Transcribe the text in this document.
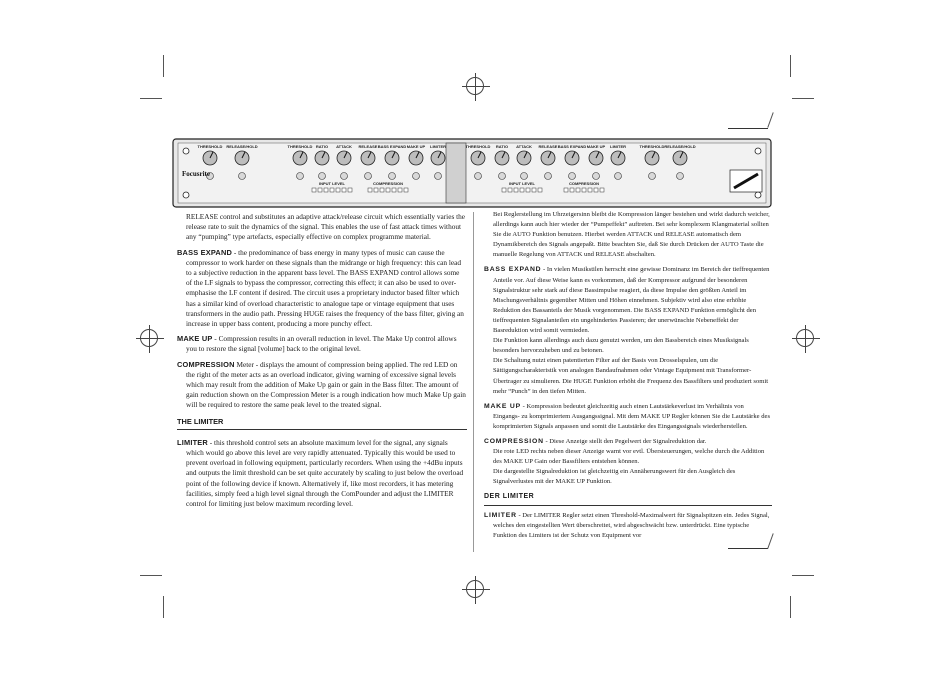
THRESHOLD RELEASE/HOLD	THRESHOLD RATIO ATTACK RELEASE BASS EXPAND MAKE UP LIMITER	THRESHOLD RATIO ATTACK RELEASE BASS EXPAND MAKE UP LIMITER	THRESHOLD RELEASE/HOLD
INPUT LEVEL	COMPRESSION	INPUT LEVEL	COMPRESSION
Focusrite

RELEASE control and substitutes an adaptive attack/release circuit which essentially varies the release rate to suit the dynamics of the signal. This enables the use of fast attack times without any “pumping” type artefacts, especially effective on complex programme material.

BASS EXPAND - the predominance of bass energy in many types of music can cause the compressor to work harder on these signals than the midrange or high frequency: this can lead to a subjective reduction in the apparent bass level. The BASS EXPAND control allows some of the LF signals to bypass the compressor, correcting this effect; it can also be used to over-emphasise the LF content if desired. The circuit uses a proprietary inductor based filter which has a similar kind of overload characteristic to analogue tape or vintage equipment that uses transformers in the audio path. Pressing HUGE raises the frequency of the bass filter, giving an increase in upper bass content, producing a more punchy effect.

MAKE UP - Compression results in an overall reduction in level. The Make Up control allows you to restore the signal [volume] back to the original level.

COMPRESSION Meter - displays the amount of compression being applied. The red LED on the right of the meter acts as an overload indicator, giving warning of excessive signal levels which may result from the addition of Make Up gain or gain in the Bass filter. The amount of gain reduction shown on the Compression Meter is a rough indication how much Make Up gain will be required to restore the same peak level to the treated signal.

THE LIMITER

LIMITER - this threshold control sets an absolute maximum level for the signal, any signals which would go above this level are very rapidly attenuated. Typically this would be used to prevent overload in following equipment, particularly recorders. When using the +4dBu inputs and outputs the limit threshold can be set quite accurately by scaling to just below the overload point of the following device if known. Alternatively if, like most recorders, it has metering facilities, simply feed a high level signal through the ComPounder and adjust the LIMITER control for limiting just below maximum recording level.

Bei Reglerstellung im Uhrzeigersinn bleibt die Kompression länger bestehen und wirkt dadurch weicher, allerdings kann auch hier wieder der “Pumpeffekt” auftreten. Bei sehr komplexem Klangmaterial sollten Sie die AUTO Funktion benutzen. Hierbei werden ATTACK und RELEASE automatisch dem Dynamikbereich des Signals angepaßt. Bitte beachten Sie, daß Sie durch Drücken der AUTO Taste die manuelle Regelung von ATTACK und RELEASE abschalten.

BASS EXPAND - In vielen Musikstilen herrscht eine gewisse Dominanz im Bereich der tieffrequenten Anteile vor. Auf diese Weise kann es vorkommen, daß der Kompressor aufgrund der besonderen Signalstruktur sehr stark auf diese Bassimpulse reagiert, da diese Impulse den größten Anteil im Mischungsverhältnis gegenüber Mitten und Höhen einnehmen. Subjektiv wird also eine erhöhte Reduktion des Bassanteils der Musik vorgenommen. Die BASS EXPAND Funktion ermöglicht den tieffrequenten Signalanteilen ein ungehindertes Passieren; der unerwünschte Nebeneffekt der Basreduktion wird somit vermieden.

Die Funktion kann allerdings auch dazu genutzt werden, um den Bassbereich eines Musiksignals besonders hervorzuheben und zu betonen.

Die Schaltung nutzt einen patentierten Filter auf der Basis von Drosselspulen, um die Sättigungscharakteristik von analogen Bandaufnahmen oder Vintage Equipment mit Transformer-Übertrager zu simulieren. Die HUGE Funktion erhöht die Frequenz des Bassfilters und produziert somit mehr “Punch” in den tiefen Mitten.

MAKE UP - Kompression bedeutet gleichzeitig auch einen Lautstärkeverlust im Verhältnis von Eingangs- zu komprimiertem Ausgangssignal. Mit dem MAKE UP Regler können Sie die Lautstärke des komprimierten Signals anpassen und somit die Lautstärke des Eingangssignals wiederherstellen.

COMPRESSION - Diese Anzeige stellt den Pegelwert der Signalreduktion dar.

Die rote LED rechts neben dieser Anzeige warnt vor evtl. Übersteuerungen, welche durch die Addition des MAKE UP Gain oder Bassfilters entstehen können.

Die dargestellte Signalreduktion ist gleichzeitig ein Annäherungswert für den Ausgleich des Signalverlustes mit der MAKE UP Funktion.

DER LIMITER

LIMITER - Der LIMITER Regler setzt einen Threshold-Maximalwert für Signalspitzen ein. Jedes Signal, welches den eingestellten Wert überschreitet, wird abgeschwächt bzw. unterdrückt. Eine typische Funktion des Limiters ist der Schutz von Equipment vor
